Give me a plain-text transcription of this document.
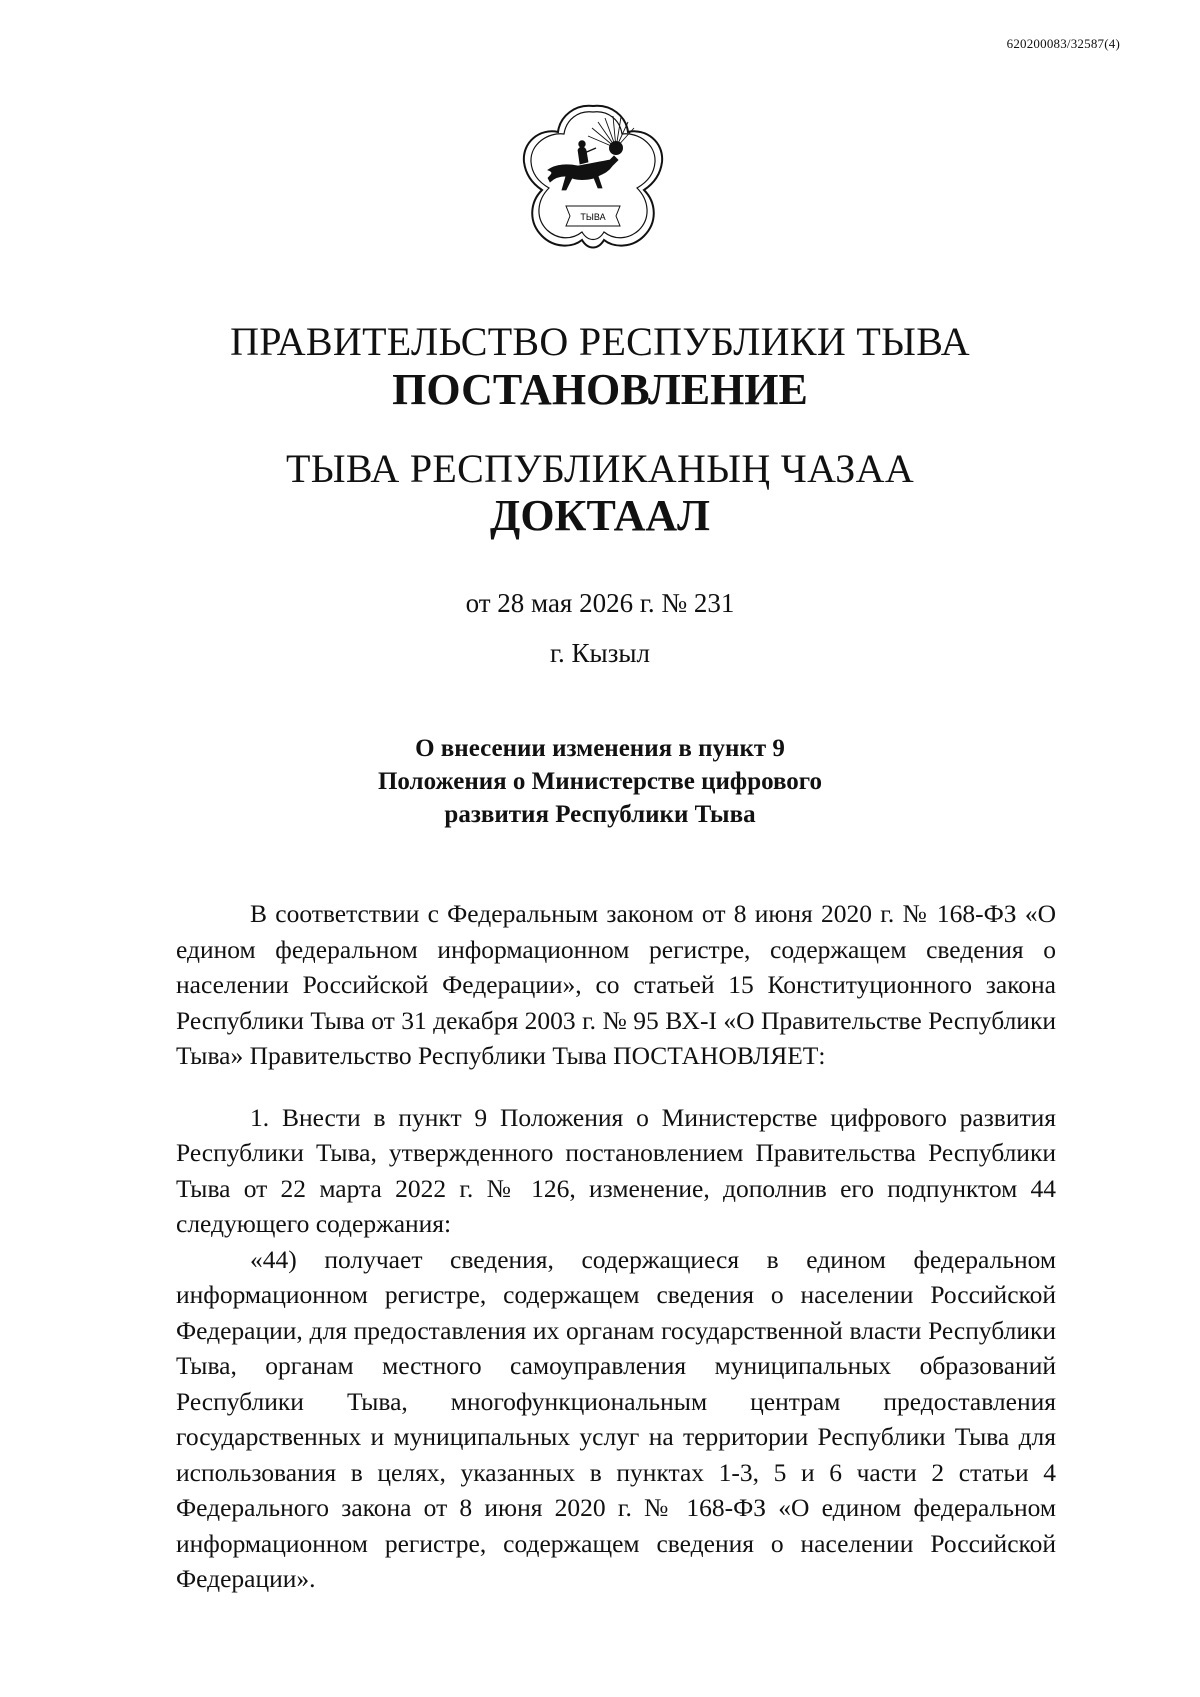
620200083/32587(4)
ТЫВА
ПРАВИТЕЛЬСТВО РЕСПУБЛИКИ ТЫВА
ПОСТАНОВЛЕНИЕ
ТЫВА РЕСПУБЛИКАНЫҢ ЧАЗАА
ДОКТААЛ
от 28 мая 2026 г. № 231
г. Кызыл
О внесении изменения в пункт 9
Положения о Министерстве цифрового
развития Республики Тыва

В соответствии с Федеральным законом от 8 июня 2020 г. № 168-ФЗ «О едином федеральном информационном регистре, содержащем сведения о населении Российской Федерации», со статьей 15 Конституционного закона Республики Тыва от 31 декабря 2003 г. № 95 ВХ-I «О Правительстве Республики Тыва» Правительство Республики Тыва ПОСТАНОВЛЯЕТ:

1. Внести в пункт 9 Положения о Министерстве цифрового развития Республики Тыва, утвержденного постановлением Правительства Республики Тыва от 22 марта 2022 г. № 126, изменение, дополнив его подпунктом 44 следующего содержания:

«44) получает сведения, содержащиеся в едином федеральном информационном регистре, содержащем сведения о населении Российской Федерации, для предоставления их органам государственной власти Республики Тыва, органам местного самоуправления муниципальных образований Республики Тыва, многофункциональным центрам предоставления государственных и муниципальных услуг на территории Республики Тыва для использования в целях, указанных в пунктах 1-3, 5 и 6 части 2 статьи 4 Федерального закона от 8 июня 2020 г. № 168-ФЗ «О едином федеральном информационном регистре, содержащем сведения о населении Российской Федерации».
